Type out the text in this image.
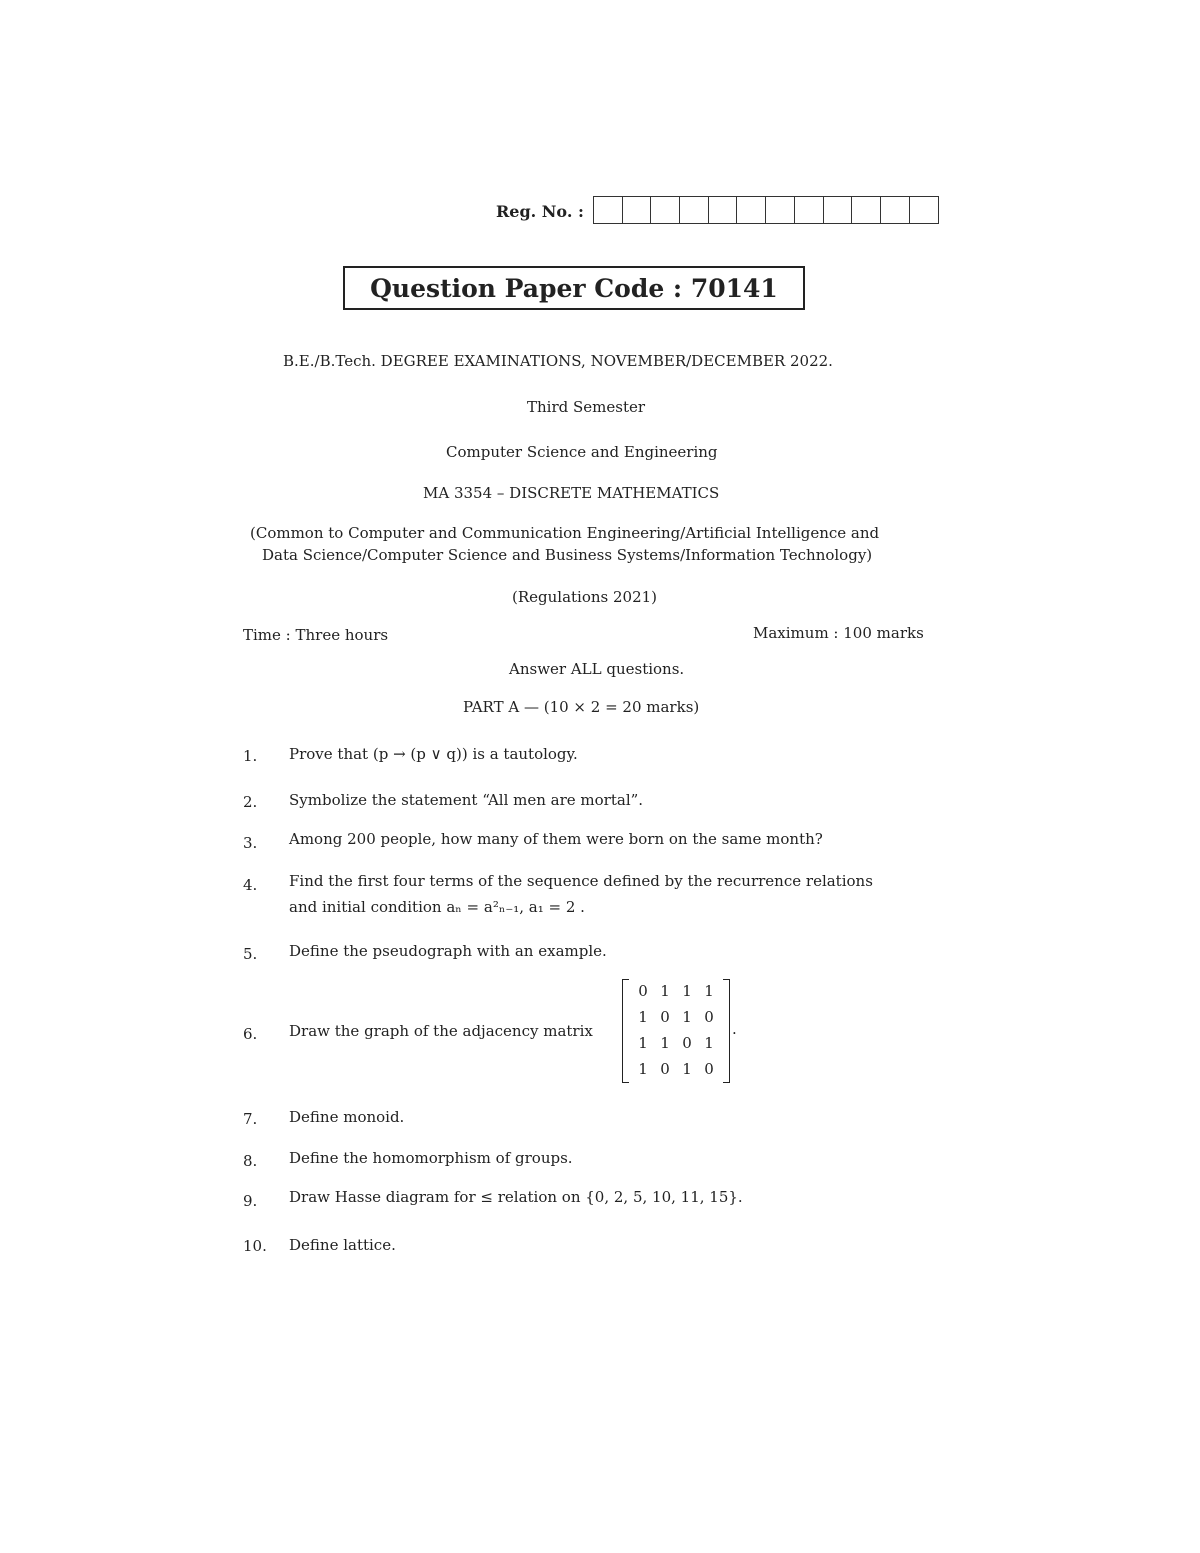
Reg. No. :
Question Paper Code : 70141
B.E./B.Tech. DEGREE EXAMINATIONS, NOVEMBER/DECEMBER 2022.
Third Semester
Computer Science and Engineering
MA 3354 – DISCRETE MATHEMATICS
(Common to Computer and Communication Engineering/Artificial Intelligence and
Data Science/Computer Science and Business Systems/Information Technology)
(Regulations 2021)
Time : Three hours	Maximum : 100 marks
Answer ALL questions.
PART A — (10 × 2 = 20 marks)
1. Prove that (p → (p ∨ q)) is a tautology.
2. Symbolize the statement “All men are mortal”.
3. Among 200 people, how many of them were born on the same month?
4. Find the first four terms of the sequence defined by the recurrence relations
and initial condition aₙ = a²ₙ₋₁, a₁ = 2 .
5. Define the pseudograph with an example.
6. Draw the graph of the adjacency matrix
0 1 1 1
1 0 1 0
1 1 0 1
1 0 1 0
.
7. Define monoid.
8. Define the homomorphism of groups.
9. Draw Hasse diagram for ≤ relation on {0, 2, 5, 10, 11, 15}.
10. Define lattice.
